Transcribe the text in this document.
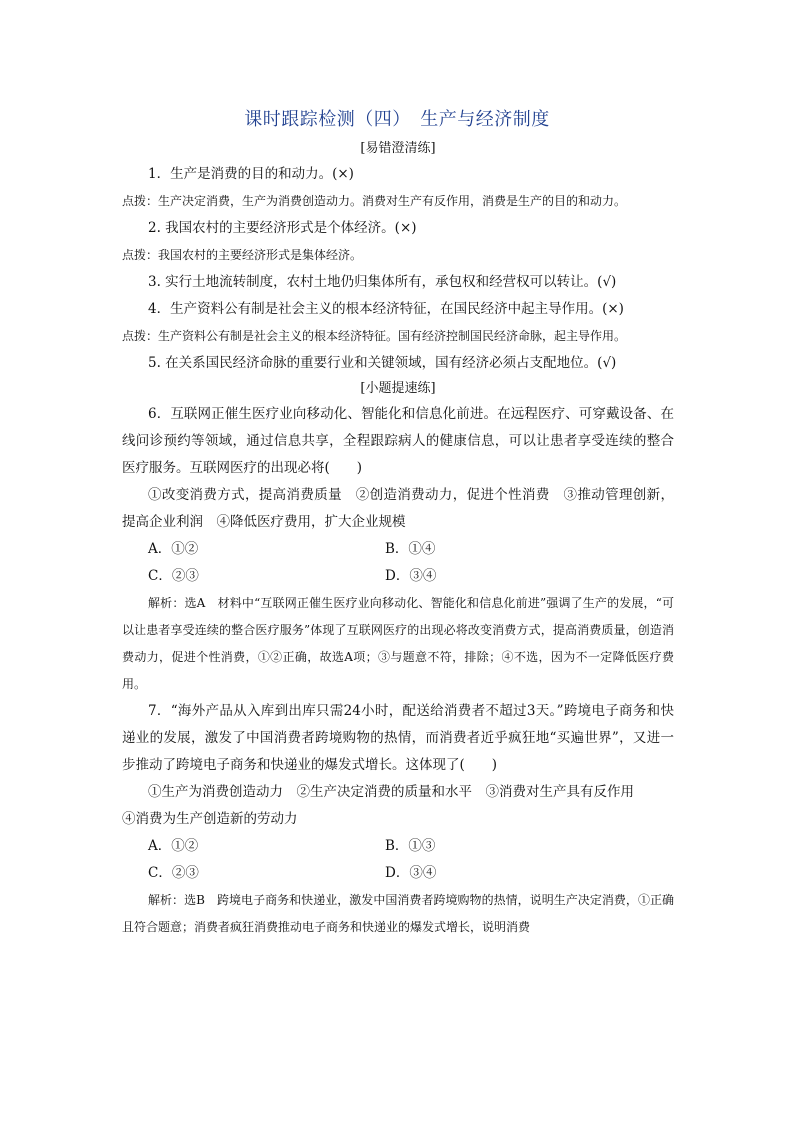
课时跟踪检测（四）　生产与经济制度
[易错澄清练]
1．生产是消费的目的和动力。(×)
点拨：生产决定消费，生产为消费创造动力。消费对生产有反作用，消费是生产的目的和动力。
2. 我国农村的主要经济形式是个体经济。(×)
点拨：我国农村的主要经济形式是集体经济。
3. 实行土地流转制度，农村土地仍归集体所有，承包权和经营权可以转让。(√)
4．生产资料公有制是社会主义的根本经济特征，在国民经济中起主导作用。(×)
点拨：生产资料公有制是社会主义的根本经济特征。国有经济控制国民经济命脉，起主导作用。
5. 在关系国民经济命脉的重要行业和关键领域，国有经济必须占支配地位。(√)
[小题提速练]
6．互联网正催生医疗业向移动化、智能化和信息化前进。在远程医疗、可穿戴设备、在线问诊预约等领域，通过信息共享，全程跟踪病人的健康信息，可以让患者享受连续的整合医疗服务。互联网医疗的出现必将(　　)
①改变消费方式，提高消费质量　②创造消费动力，促进个性消费　③推动管理创新，提高企业利润　④降低医疗费用，扩大企业规模
A．①②	B．①④
C．②③	D．③④
解析：选A　材料中“互联网正催生医疗业向移动化、智能化和信息化前进”强调了生产的发展，“可以让患者享受连续的整合医疗服务”体现了互联网医疗的出现必将改变消费方式，提高消费质量，创造消费动力，促进个性消费，①②正确，故选A项；③与题意不符，排除；④不选，因为不一定降低医疗费用。
7．“海外产品从入库到出库只需24小时，配送给消费者不超过3天。”跨境电子商务和快递业的发展，激发了中国消费者跨境购物的热情，而消费者近乎疯狂地“买遍世界”，又进一步推动了跨境电子商务和快递业的爆发式增长。这体现了(　　)
①生产为消费创造动力　②生产决定消费的质量和水平　③消费对生产具有反作用
④消费为生产创造新的劳动力
A．①②	B．①③
C．②③	D．③④
解析：选B　跨境电子商务和快递业，激发中国消费者跨境购物的热情，说明生产决定消费，①正确且符合题意；消费者疯狂消费推动电子商务和快递业的爆发式增长，说明消费
